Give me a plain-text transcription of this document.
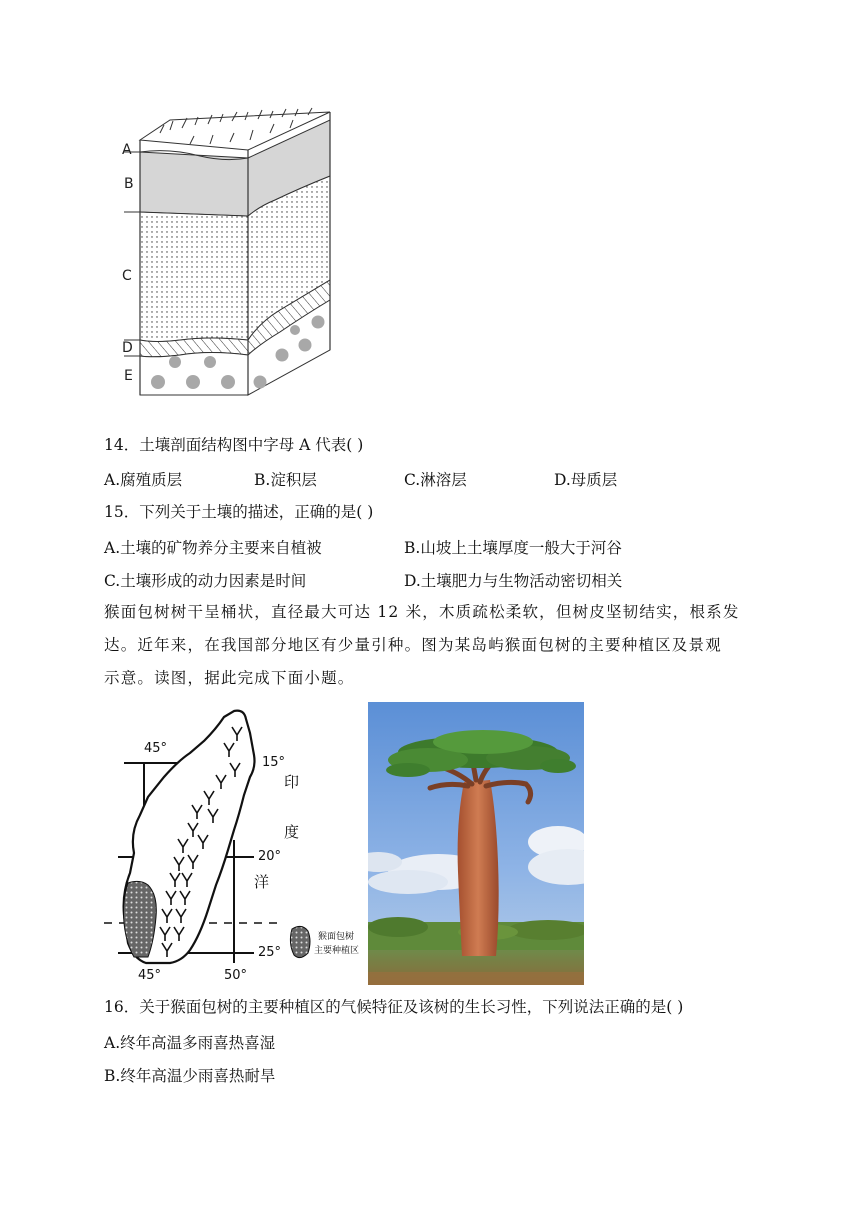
A
B
C
D
E
14．土壤剖面结构图中字母 A 代表( )
A.腐殖质层	B.淀积层	C.淋溶层	D.母质层
15．下列关于土壤的描述，正确的是( )
A.土壤的矿物养分主要来自植被	B.山坡上土壤厚度一般大于河谷
C.土壤形成的动力因素是时间	D.土壤肥力与生物活动密切相关
猴面包树树干呈桶状，直径最大可达 12 米，木质疏松柔软，但树皮坚韧结实，根系发
达。近年来，在我国部分地区有少量引种。图为某岛屿猴面包树的主要种植区及景观
示意。读图，据此完成下面小题。
45°
15°
20°
25°
45°	50°
印
度
洋
猴面包树
主要种植区
16．关于猴面包树的主要种植区的气候特征及该树的生长习性，下列说法正确的是( )
A.终年高温多雨喜热喜湿
B.终年高温少雨喜热耐旱
